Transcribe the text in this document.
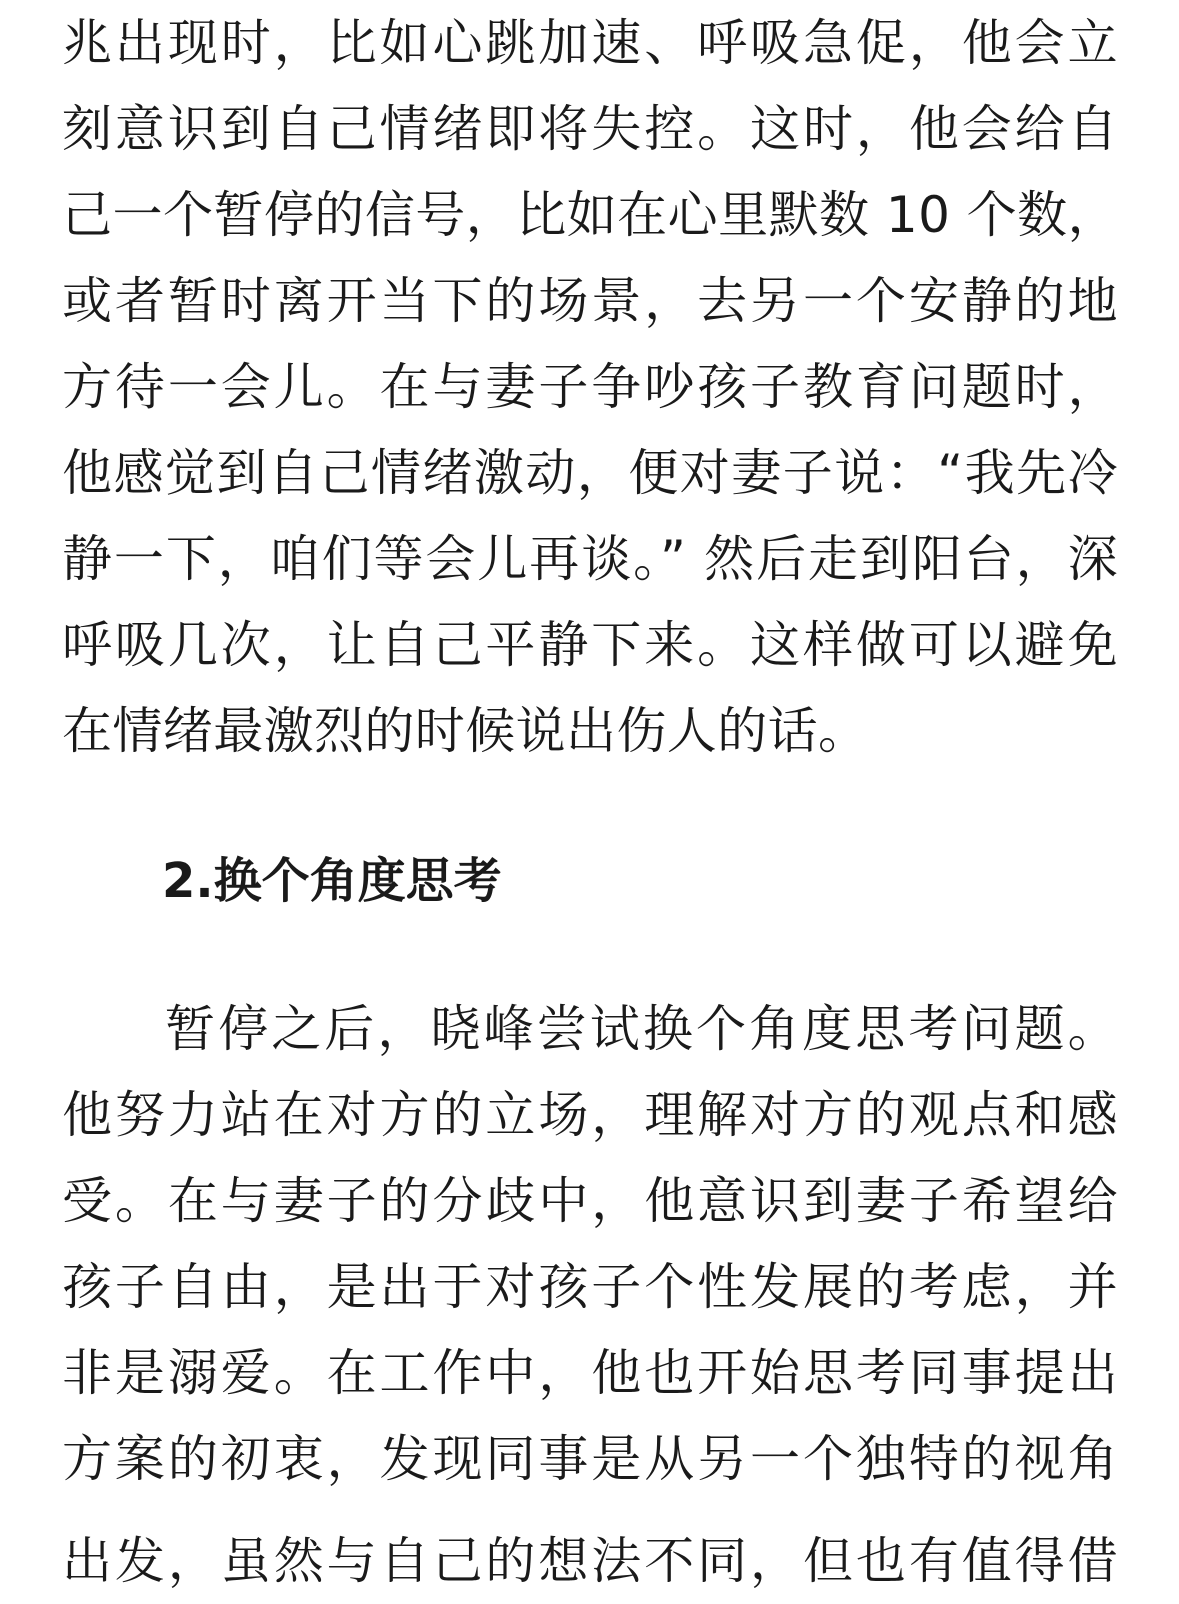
兆出现时，比如心跳加速、呼吸急促，他会立
刻意识到自己情绪即将失控。这时，他会给自
己一个暂停的信号，比如在心里默数 10 个数，
或者暂时离开当下的场景，去另一个安静的地
方待一会儿。在与妻子争吵孩子教育问题时，
他感觉到自己情绪激动，便对妻子说：“我先冷
静一下，咱们等会儿再谈。” 然后走到阳台，深
呼吸几次，让自己平静下来。这样做可以避免
在情绪最激烈的时候说出伤人的话。
2.换个角度思考
暂停之后，晓峰尝试换个角度思考问题。
他努力站在对方的立场，理解对方的观点和感
受。在与妻子的分歧中，他意识到妻子希望给
孩子自由，是出于对孩子个性发展的考虑，并
非是溺爱。在工作中，他也开始思考同事提出
方案的初衷，发现同事是从另一个独特的视角
出发，虽然与自己的想法不同，但也有值得借
